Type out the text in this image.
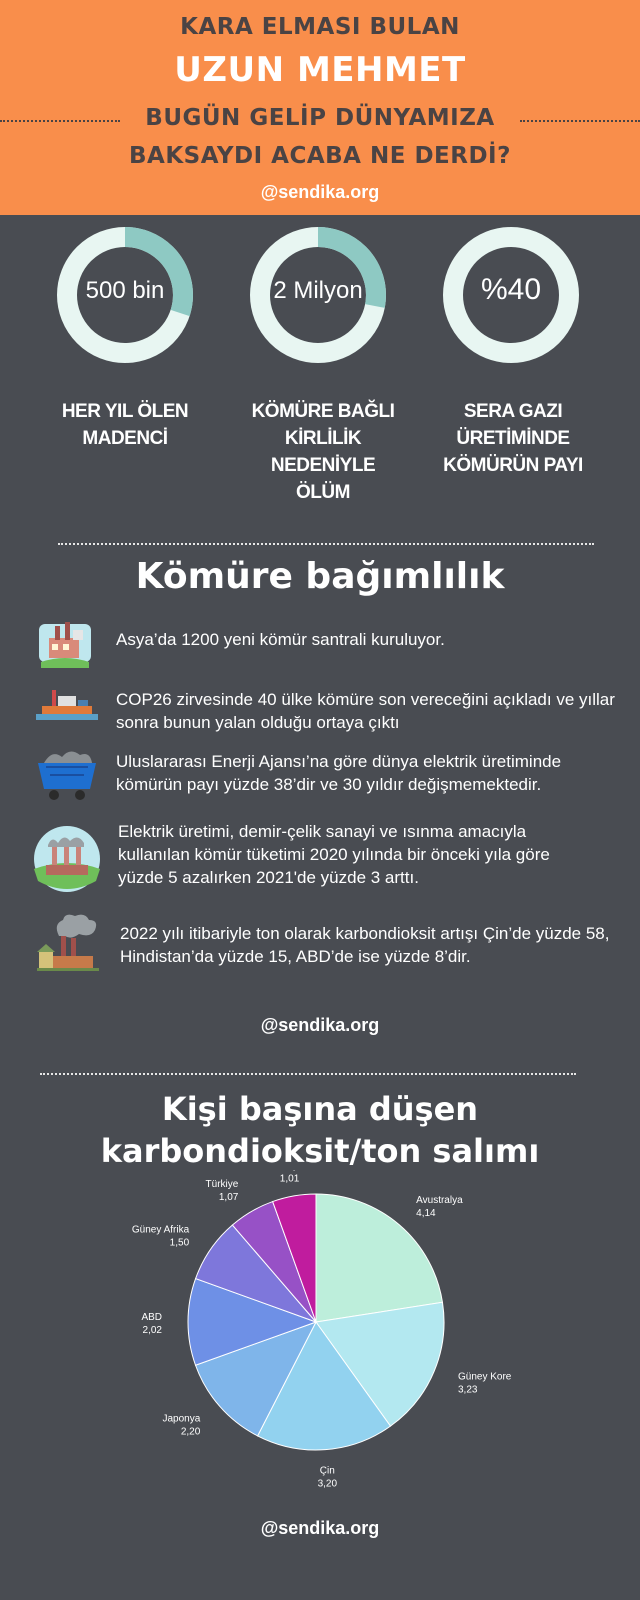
KARA ELMASI BULAN
UZUN MEHMET
BUGÜN GELİP DÜNYAMIZA
BAKSAYDI ACABA NE DERDİ?
@sendika.org
500 bin	2 Milyon	%40
HER YIL ÖLEN MADENCİ
KÖMÜRE BAĞLI KİRLİLİK NEDENİYLE ÖLÜM
SERA GAZI ÜRETİMİNDE KÖMÜRÜN PAYI
Kömüre bağımlılık
Asya’da 1200 yeni kömür santrali kuruluyor.
COP26 zirvesinde 40 ülke kömüre son vereceğini açıkladı ve yıllar sonra bunun yalan olduğu ortaya çıktı
Uluslararası Enerji Ajansı’na göre dünya elektrik üretiminde kömürün payı yüzde 38’dir ve 30 yıldır değişmemektedir.
Elektrik üretimi, demir-çelik sanayi ve ısınma amacıyla kullanılan kömür tüketimi 2020 yılında bir önceki yıla göre yüzde 5 azalırken 2021'de yüzde 3 arttı.
2022 yılı itibariyle ton olarak karbondioksit artışı Çin’de yüzde 58, Hindistan’da yüzde 15, ABD’de ise yüzde 8’dir.
@sendika.org
Kişi başına düşen
karbondioksit/ton salımı
Avustralya
4,14
Güney Kore
3,23
Çin
3,20
Japonya
2,20
ABD
2,02
Güney Afrika
1,50
Türkiye
1,07
1,01
@sendika.org
